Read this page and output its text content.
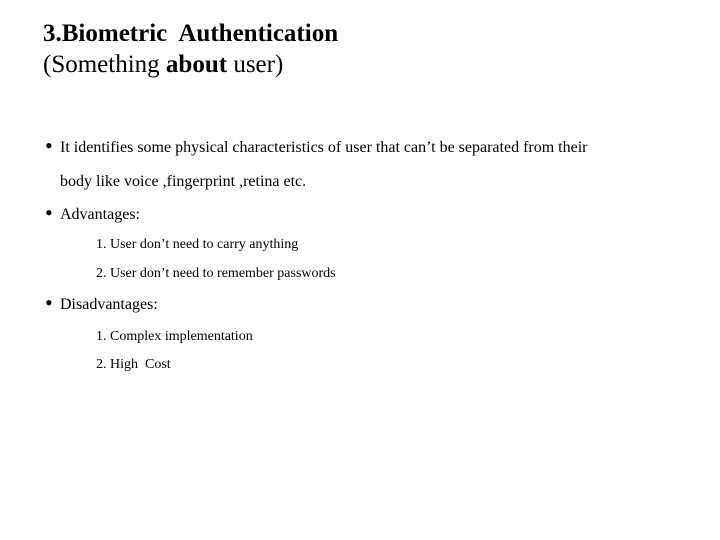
3.Biometric  Authentication
(Something about user)
• It identifies some physical characteristics of user that can’t be separated from their
body like voice ,fingerprint ,retina etc.
• Advantages:
1. User don’t need to carry anything
2. User don’t need to remember passwords
• Disadvantages:
1. Complex implementation
2. High  Cost
